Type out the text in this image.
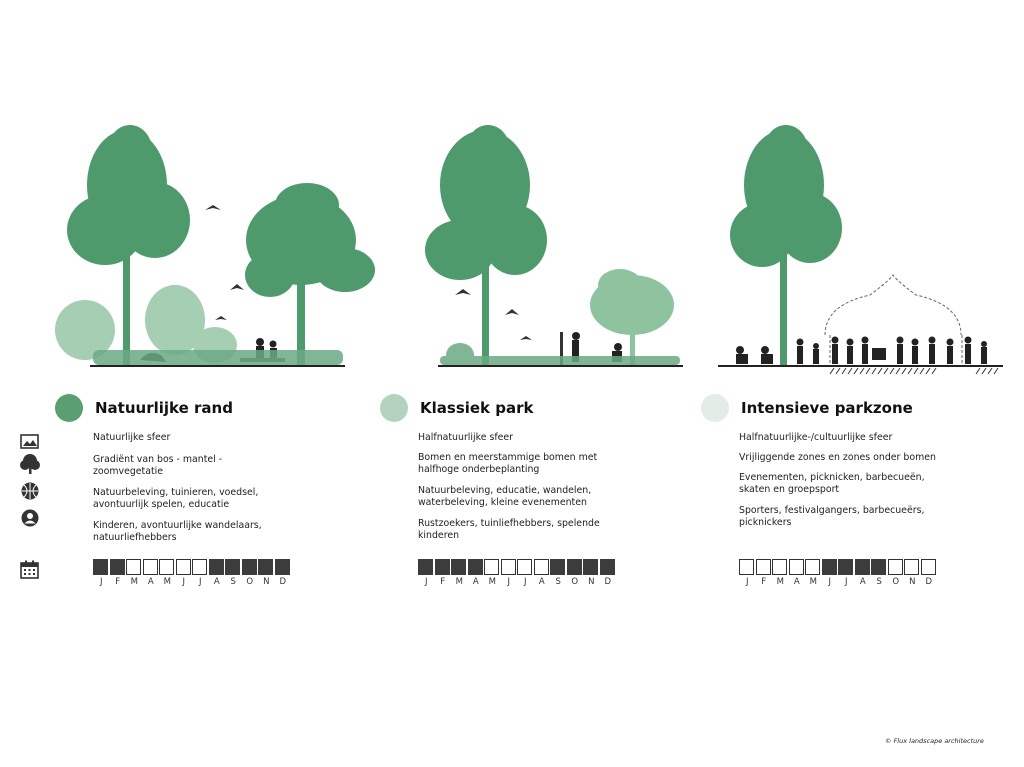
Natuurlijke rand
Natuurlijke sfeer
Gradiënt van bos - mantel - zoomvegetatie
Natuurbeleving, tuinieren, voedsel, avontuurlijk spelen, educatie
Kinderen, avontuurlijke wandelaars, natuurliefhebbers
J	F	M	A	M	J	J	A	S	O	N	D
Klassiek park
Halfnatuurlijke sfeer
Bomen en meerstammige bomen met halfhoge onderbeplanting
Natuurbeleving, educatie, wandelen, waterbeleving, kleine evenementen
Rustzoekers, tuinliefhebbers, spelende kinderen
J	F	M	A	M	J	J	A	S	O	N	D
Intensieve parkzone
Halfnatuurlijke-/cultuurlijke sfeer
Vrijliggende zones en zones onder bomen
Evenementen, picknicken, barbecueën, skaten en groepsport
Sporters, festivalgangers, barbecueërs, picknickers
J	F	M	A	M	J	J	A	S	O	N	D
© Flux landscape architecture
